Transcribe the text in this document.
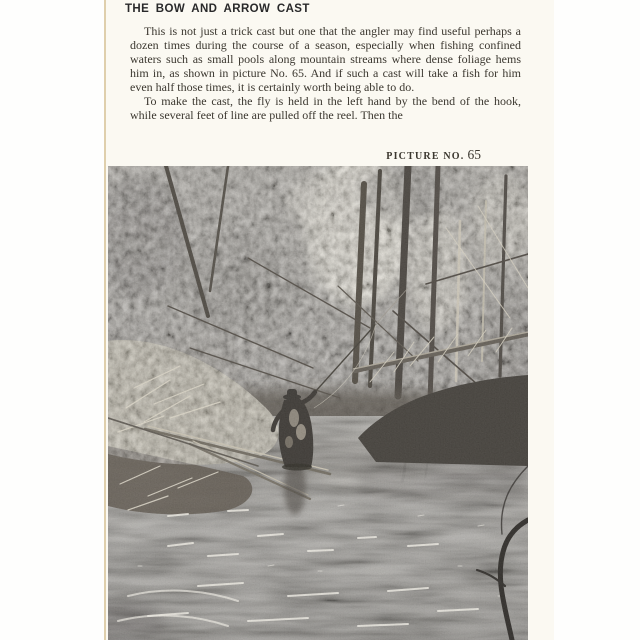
THE BOW AND ARROW CAST

This is not just a trick cast but one that the angler may find useful perhaps a dozen times during the course of a season, especially when fishing confined waters such as small pools along mountain streams where dense foliage hems him in, as shown in picture No. 65. And if such a cast will take a fish for him even half those times, it is certainly worth being able to do.

To make the cast, the fly is held in the left hand by the bend of the hook, while several feet of line are pulled off the reel. Then the

PICTURE NO. 65
